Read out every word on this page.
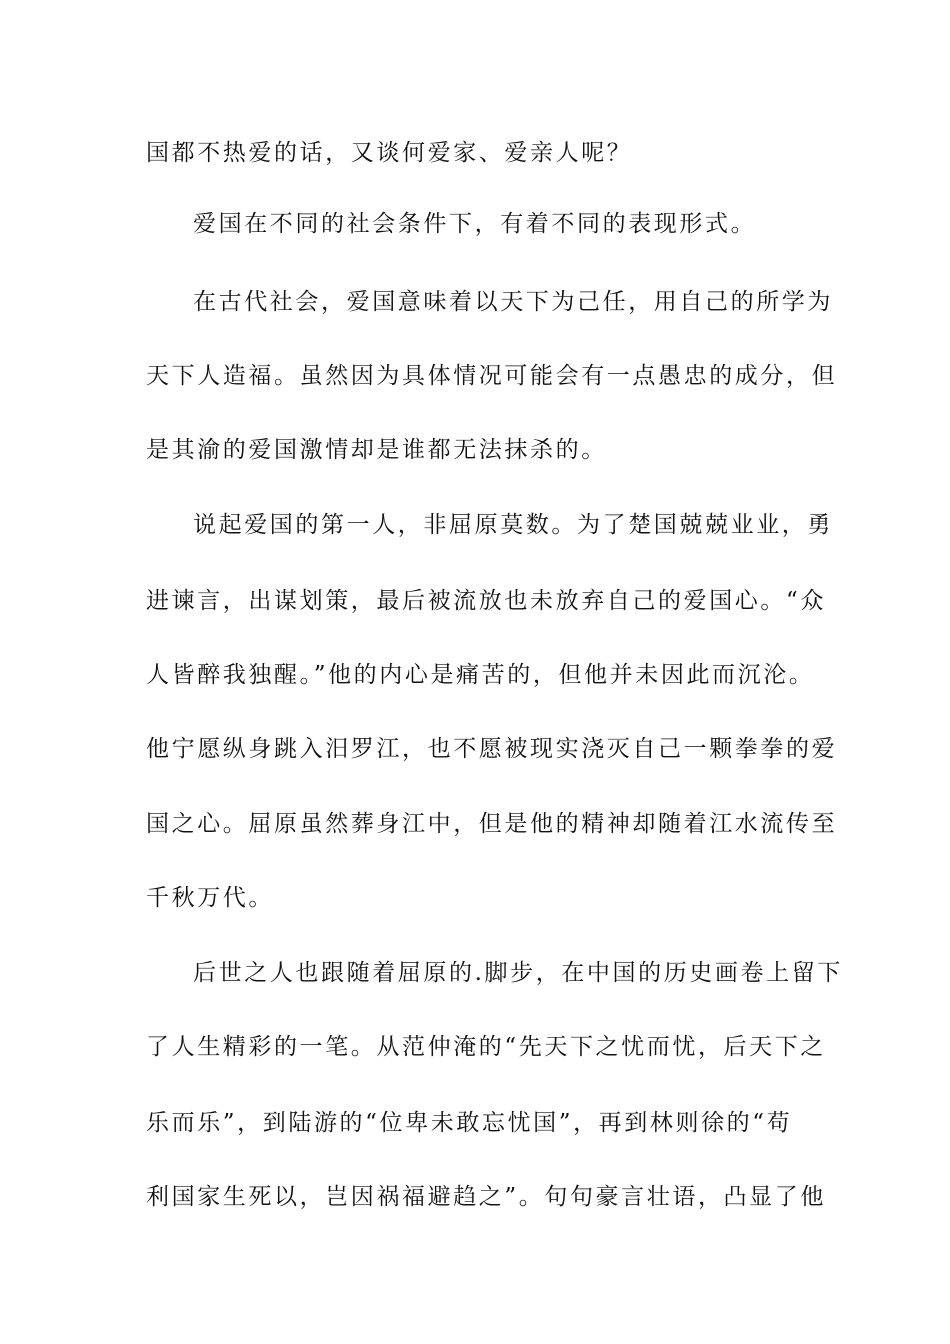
国都不热爱的话，又谈何爱家、爱亲人呢？
爱国在不同的社会条件下，有着不同的表现形式。
在古代社会，爱国意味着以天下为己任，用自己的所学为
天下人造福。虽然因为具体情况可能会有一点愚忠的成分，但
是其渝的爱国激情却是谁都无法抹杀的。
说起爱国的第一人，非屈原莫数。为了楚国兢兢业业，勇
进谏言，出谋划策，最后被流放也未放弃自己的爱国心。“众
人皆醉我独醒。”他的内心是痛苦的，但他并未因此而沉沦。
他宁愿纵身跳入汨罗江，也不愿被现实浇灭自己一颗拳拳的爱
国之心。屈原虽然葬身江中，但是他的精神却随着江水流传至
千秋万代。
后世之人也跟随着屈原的.脚步，在中国的历史画卷上留下
了人生精彩的一笔。从范仲淹的“先天下之忧而忧，后天下之
乐而乐”，到陆游的“位卑未敢忘忧国”，再到林则徐的“苟
利国家生死以，岂因祸福避趋之”。句句豪言壮语，凸显了他
